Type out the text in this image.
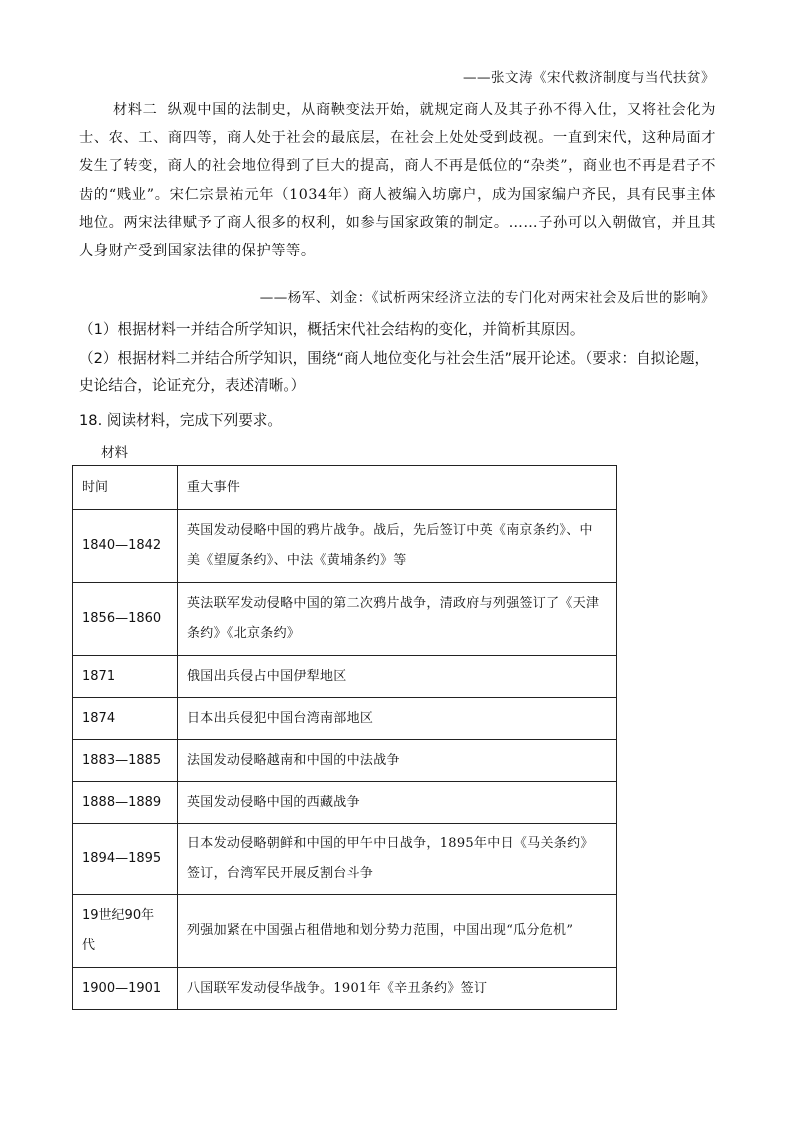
——张文涛《宋代救济制度与当代扶贫》
材料二 纵观中国的法制史，从商鞅变法开始，就规定商人及其子孙不得入仕，又将社会化为士、农、工、商四等，商人处于社会的最底层，在社会上处处受到歧视。一直到宋代，这种局面才发生了转变，商人的社会地位得到了巨大的提高，商人不再是低位的“杂类”，商业也不再是君子不齿的“贱业”。宋仁宗景祐元年（1034年）商人被编入坊廓户，成为国家编户齐民，具有民事主体地位。两宋法律赋予了商人很多的权利，如参与国家政策的制定。……子孙可以入朝做官，并且其人身财产受到国家法律的保护等等。
——杨军、刘金：《试析两宋经济立法的专门化对两宋社会及后世的影响》
（1）根据材料一并结合所学知识，概括宋代社会结构的变化，并简析其原因。
（2）根据材料二并结合所学知识，围绕“商人地位变化与社会生活”展开论述。（要求：自拟论题，史论结合，论证充分，表述清晰。）
18. 阅读材料，完成下列要求。
材料
时间	重大事件
1840—1842	英国发动侵略中国的鸦片战争。战后，先后签订中英《南京条约》、中美《望厦条约》、中法《黄埔条约》等
1856—1860	英法联军发动侵略中国的第二次鸦片战争，清政府与列强签订了《天津条约》《北京条约》
1871	俄国出兵侵占中国伊犁地区
1874	日本出兵侵犯中国台湾南部地区
1883—1885	法国发动侵略越南和中国的中法战争
1888—1889	英国发动侵略中国的西藏战争
1894—1895	日本发动侵略朝鲜和中国的甲午中日战争，1895年中日《马关条约》签订，台湾军民开展反割台斗争
19世纪90年代	列强加紧在中国强占租借地和划分势力范围，中国出现“瓜分危机”
1900—1901	八国联军发动侵华战争。1901年《辛丑条约》签订
